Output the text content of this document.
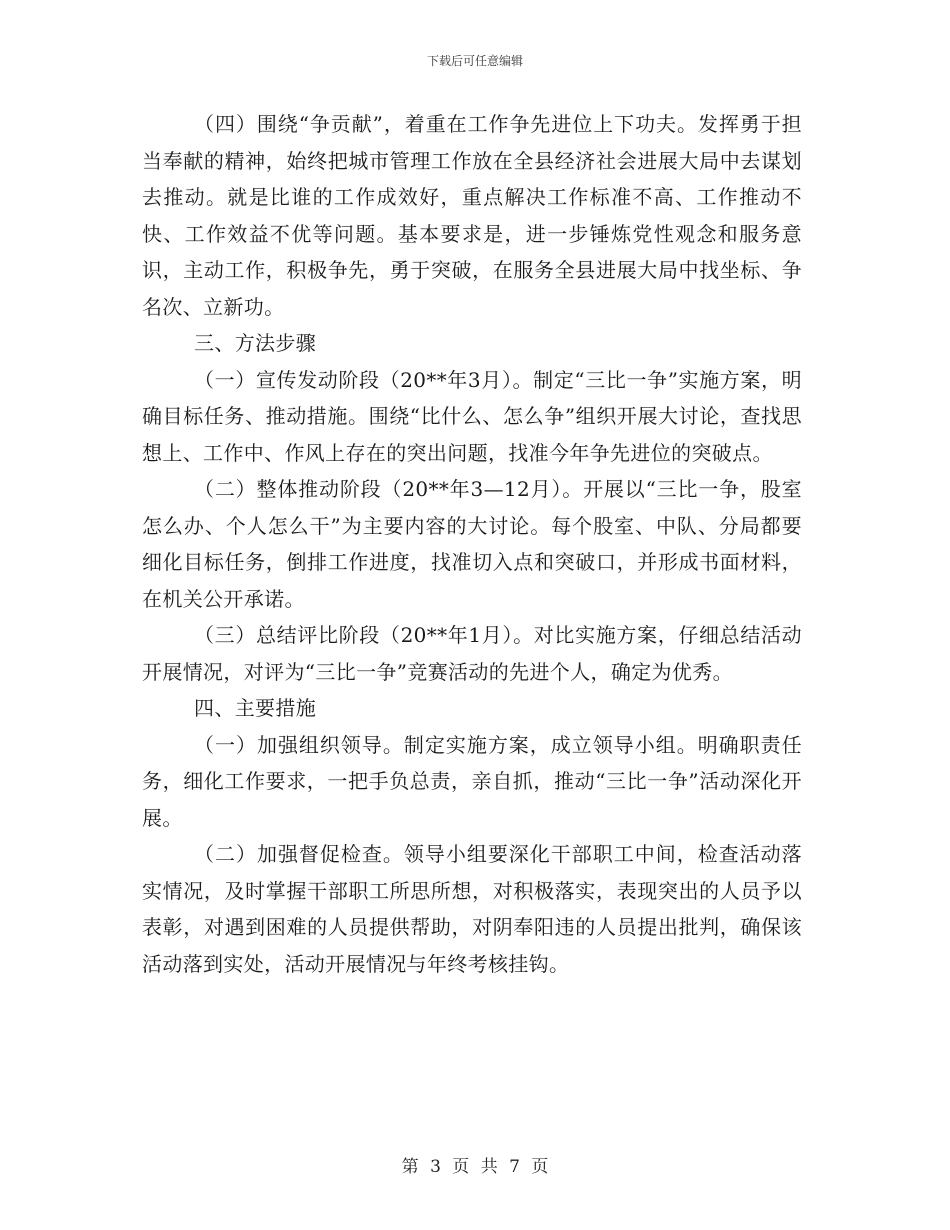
下载后可任意编辑

（四）围绕“争贡献”，着重在工作争先进位上下功夫。发挥勇于担当奉献的精神，始终把城市管理工作放在全县经济社会进展大局中去谋划去推动。就是比谁的工作成效好，重点解决工作标准不高、工作推动不快、工作效益不优等问题。基本要求是，进一步锤炼党性观念和服务意识，主动工作，积极争先，勇于突破，在服务全县进展大局中找坐标、争名次、立新功。

三、方法步骤

（一）宣传发动阶段（20**年3月）。制定“三比一争”实施方案，明确目标任务、推动措施。围绕“比什么、怎么争”组织开展大讨论，查找思想上、工作中、作风上存在的突出问题，找准今年争先进位的突破点。

（二）整体推动阶段（20**年3—12月）。开展以“三比一争，股室怎么办、个人怎么干”为主要内容的大讨论。每个股室、中队、分局都要细化目标任务，倒排工作进度，找准切入点和突破口，并形成书面材料，在机关公开承诺。

（三）总结评比阶段（20**年1月）。对比实施方案，仔细总结活动开展情况，对评为“三比一争”竞赛活动的先进个人，确定为优秀。

四、主要措施

（一）加强组织领导。制定实施方案，成立领导小组。明确职责任务，细化工作要求，一把手负总责，亲自抓，推动“三比一争”活动深化开展。

（二）加强督促检查。领导小组要深化干部职工中间，检查活动落实情况，及时掌握干部职工所思所想，对积极落实，表现突出的人员予以表彰，对遇到困难的人员提供帮助，对阴奉阳违的人员提出批判，确保该活动落到实处，活动开展情况与年终考核挂钩。

第 3 页 共 7 页
